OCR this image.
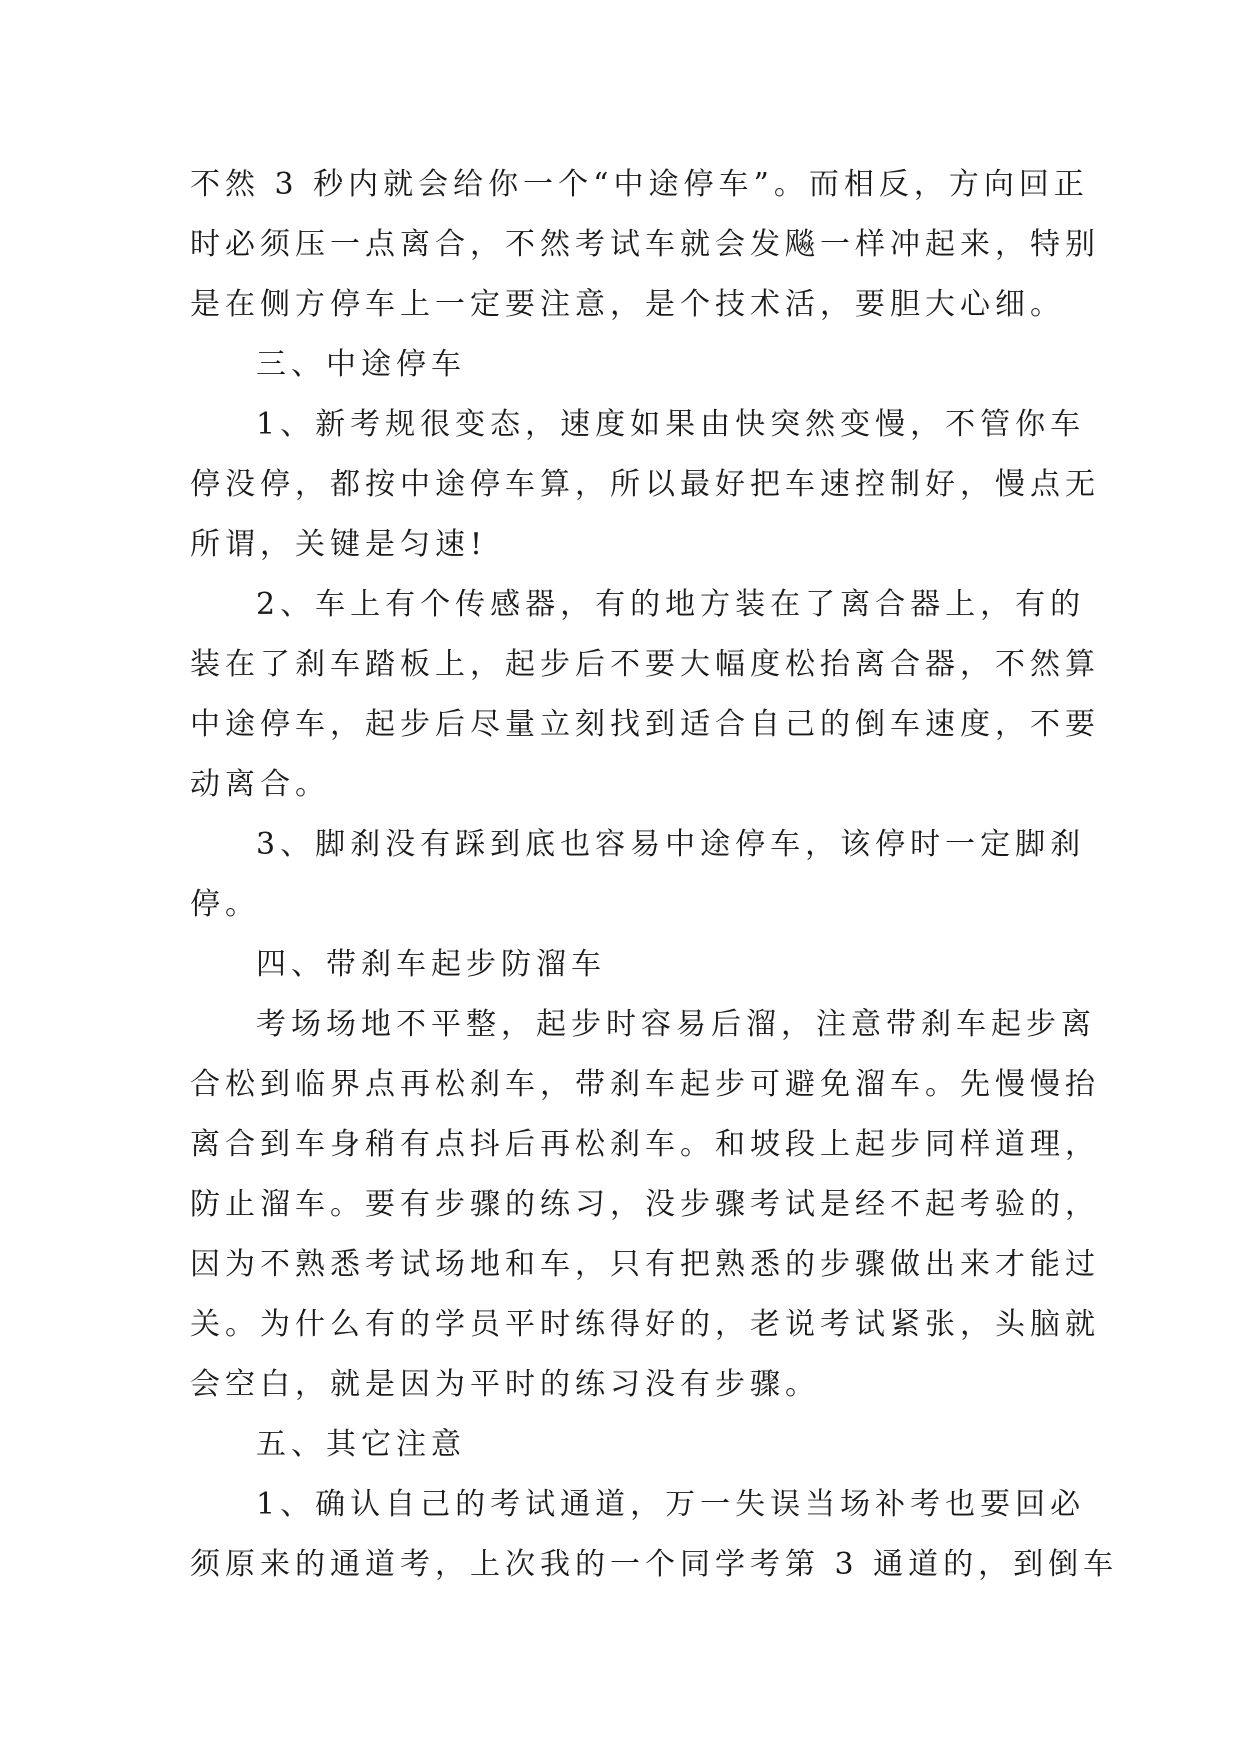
不然 3 秒内就会给你一个“中途停车”。而相反，方向回正
时必须压一点离合，不然考试车就会发飚一样冲起来，特别
是在侧方停车上一定要注意，是个技术活，要胆大心细。
三、中途停车
1、新考规很变态，速度如果由快突然变慢，不管你车
停没停，都按中途停车算，所以最好把车速控制好，慢点无
所谓，关键是匀速!
2、车上有个传感器，有的地方装在了离合器上，有的
装在了刹车踏板上，起步后不要大幅度松抬离合器，不然算
中途停车，起步后尽量立刻找到适合自己的倒车速度，不要
动离合。
3、脚刹没有踩到底也容易中途停车，该停时一定脚刹
停。
四、带刹车起步防溜车
考场场地不平整，起步时容易后溜，注意带刹车起步离
合松到临界点再松刹车，带刹车起步可避免溜车。先慢慢抬
离合到车身稍有点抖后再松刹车。和坡段上起步同样道理，
防止溜车。要有步骤的练习，没步骤考试是经不起考验的，
因为不熟悉考试场地和车，只有把熟悉的步骤做出来才能过
关。为什么有的学员平时练得好的，老说考试紧张，头脑就
会空白，就是因为平时的练习没有步骤。
五、其它注意
1、确认自己的考试通道，万一失误当场补考也要回必
须原来的通道考，上次我的一个同学考第 3 通道的，到倒车
